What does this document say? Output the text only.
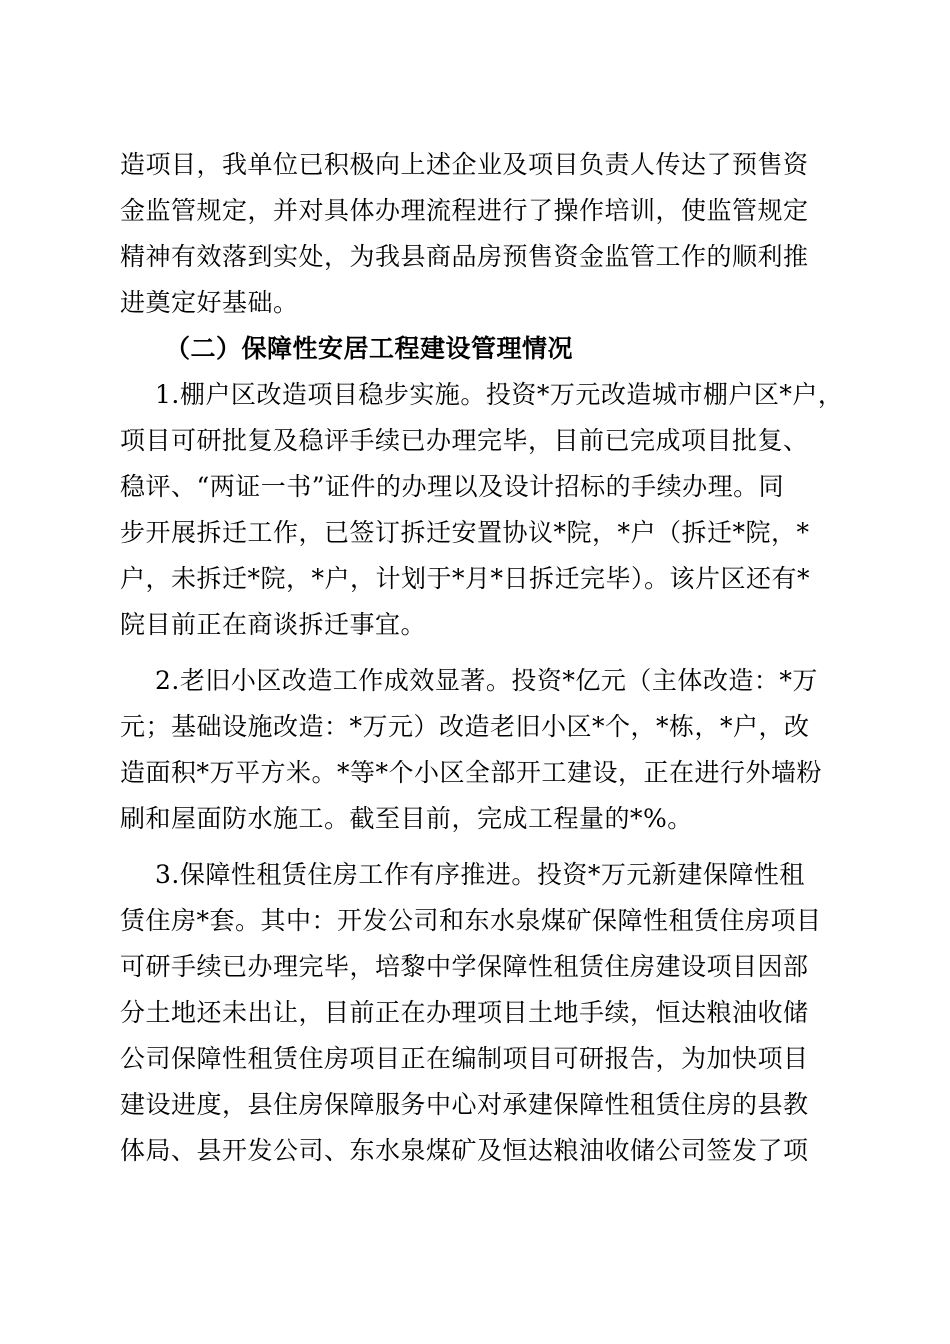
造项目，我单位已积极向上述企业及项目负责人传达了预售资
金监管规定，并对具体办理流程进行了操作培训，使监管规定
精神有效落到实处，为我县商品房预售资金监管工作的顺利推
进奠定好基础。
（二）保障性安居工程建设管理情况
1.棚户区改造项目稳步实施。投资*万元改造城市棚户区*户，
项目可研批复及稳评手续已办理完毕，目前已完成项目批复、
稳评、“两证一书”证件的办理以及设计招标的手续办理。同
步开展拆迁工作，已签订拆迁安置协议*院，*户（拆迁*院，*
户，未拆迁*院，*户，计划于*月*日拆迁完毕）。该片区还有*
院目前正在商谈拆迁事宜。
2.老旧小区改造工作成效显著。投资*亿元（主体改造：*万
元；基础设施改造：*万元）改造老旧小区*个，*栋，*户，改
造面积*万平方米。*等*个小区全部开工建设，正在进行外墙粉
刷和屋面防水施工。截至目前，完成工程量的*%。
3.保障性租赁住房工作有序推进。投资*万元新建保障性租
赁住房*套。其中：开发公司和东水泉煤矿保障性租赁住房项目
可研手续已办理完毕，培黎中学保障性租赁住房建设项目因部
分土地还未出让，目前正在办理项目土地手续，恒达粮油收储
公司保障性租赁住房项目正在编制项目可研报告，为加快项目
建设进度，县住房保障服务中心对承建保障性租赁住房的县教
体局、县开发公司、东水泉煤矿及恒达粮油收储公司签发了项
